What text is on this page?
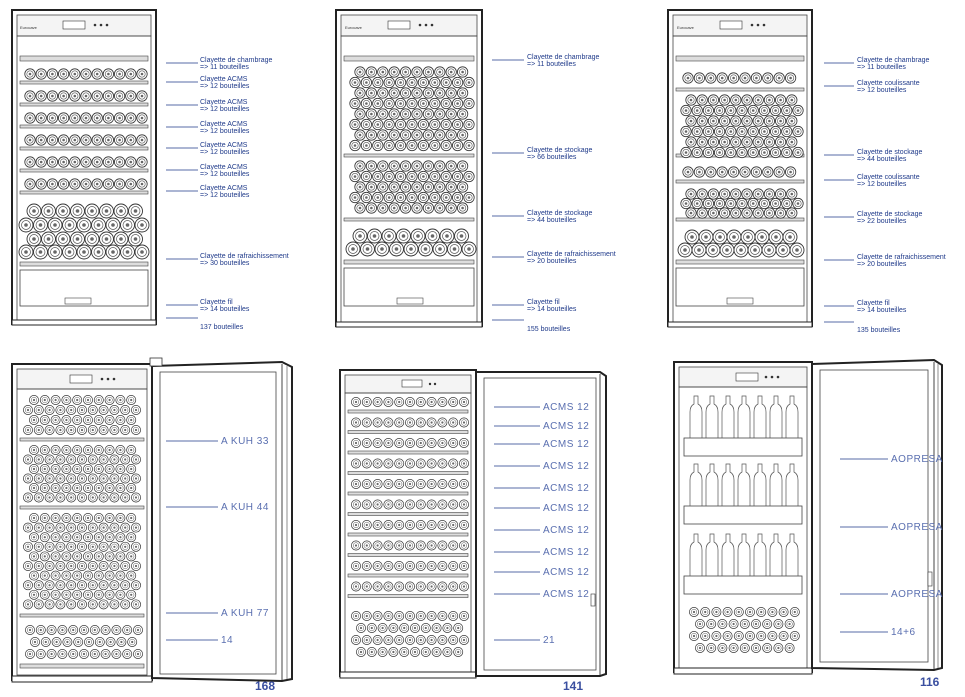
Eurocave	Eurocave	Eurocave
Clayette de chambrage
=> 11 bouteilles
Clayette ACMS
=> 12 bouteilles
Clayette ACMS
=> 12 bouteilles
Clayette ACMS
=> 12 bouteilles
Clayette ACMS
=> 12 bouteilles
Clayette ACMS
=> 12 bouteilles
Clayette ACMS
=> 12 bouteilles
Clayette de rafraichissement
=> 30 bouteilles
Clayette fil
=> 14 bouteilles
137 bouteilles
Clayette de chambrage
=> 11 bouteilles
Clayette de stockage
=> 66 bouteilles
Clayette de stockage
=> 44 bouteilles
Clayette de rafraichissement
=> 20 bouteilles
Clayette fil
=> 14 bouteilles
155 bouteilles
Clayette de chambrage
=> 11 bouteilles
Clayette coulissante
=> 12 bouteilles
Clayette de stockage
=> 44 bouteilles
Clayette coulissante
=> 12 bouteilles
Clayette de stockage
=> 22 bouteilles
Clayette de rafraichissement
=> 20 bouteilles
Clayette fil
=> 14 bouteilles
135 bouteilles
A KUH 33
A KUH 44
A KUH 77
14
168
ACMS 12
ACMS 12
ACMS 12
ACMS 12
ACMS 12
ACMS 12
ACMS 12
ACMS 12
ACMS 12
ACMS 12
21
141
AOPRESA
AOPRESA
AOPRESA
14+6
116
